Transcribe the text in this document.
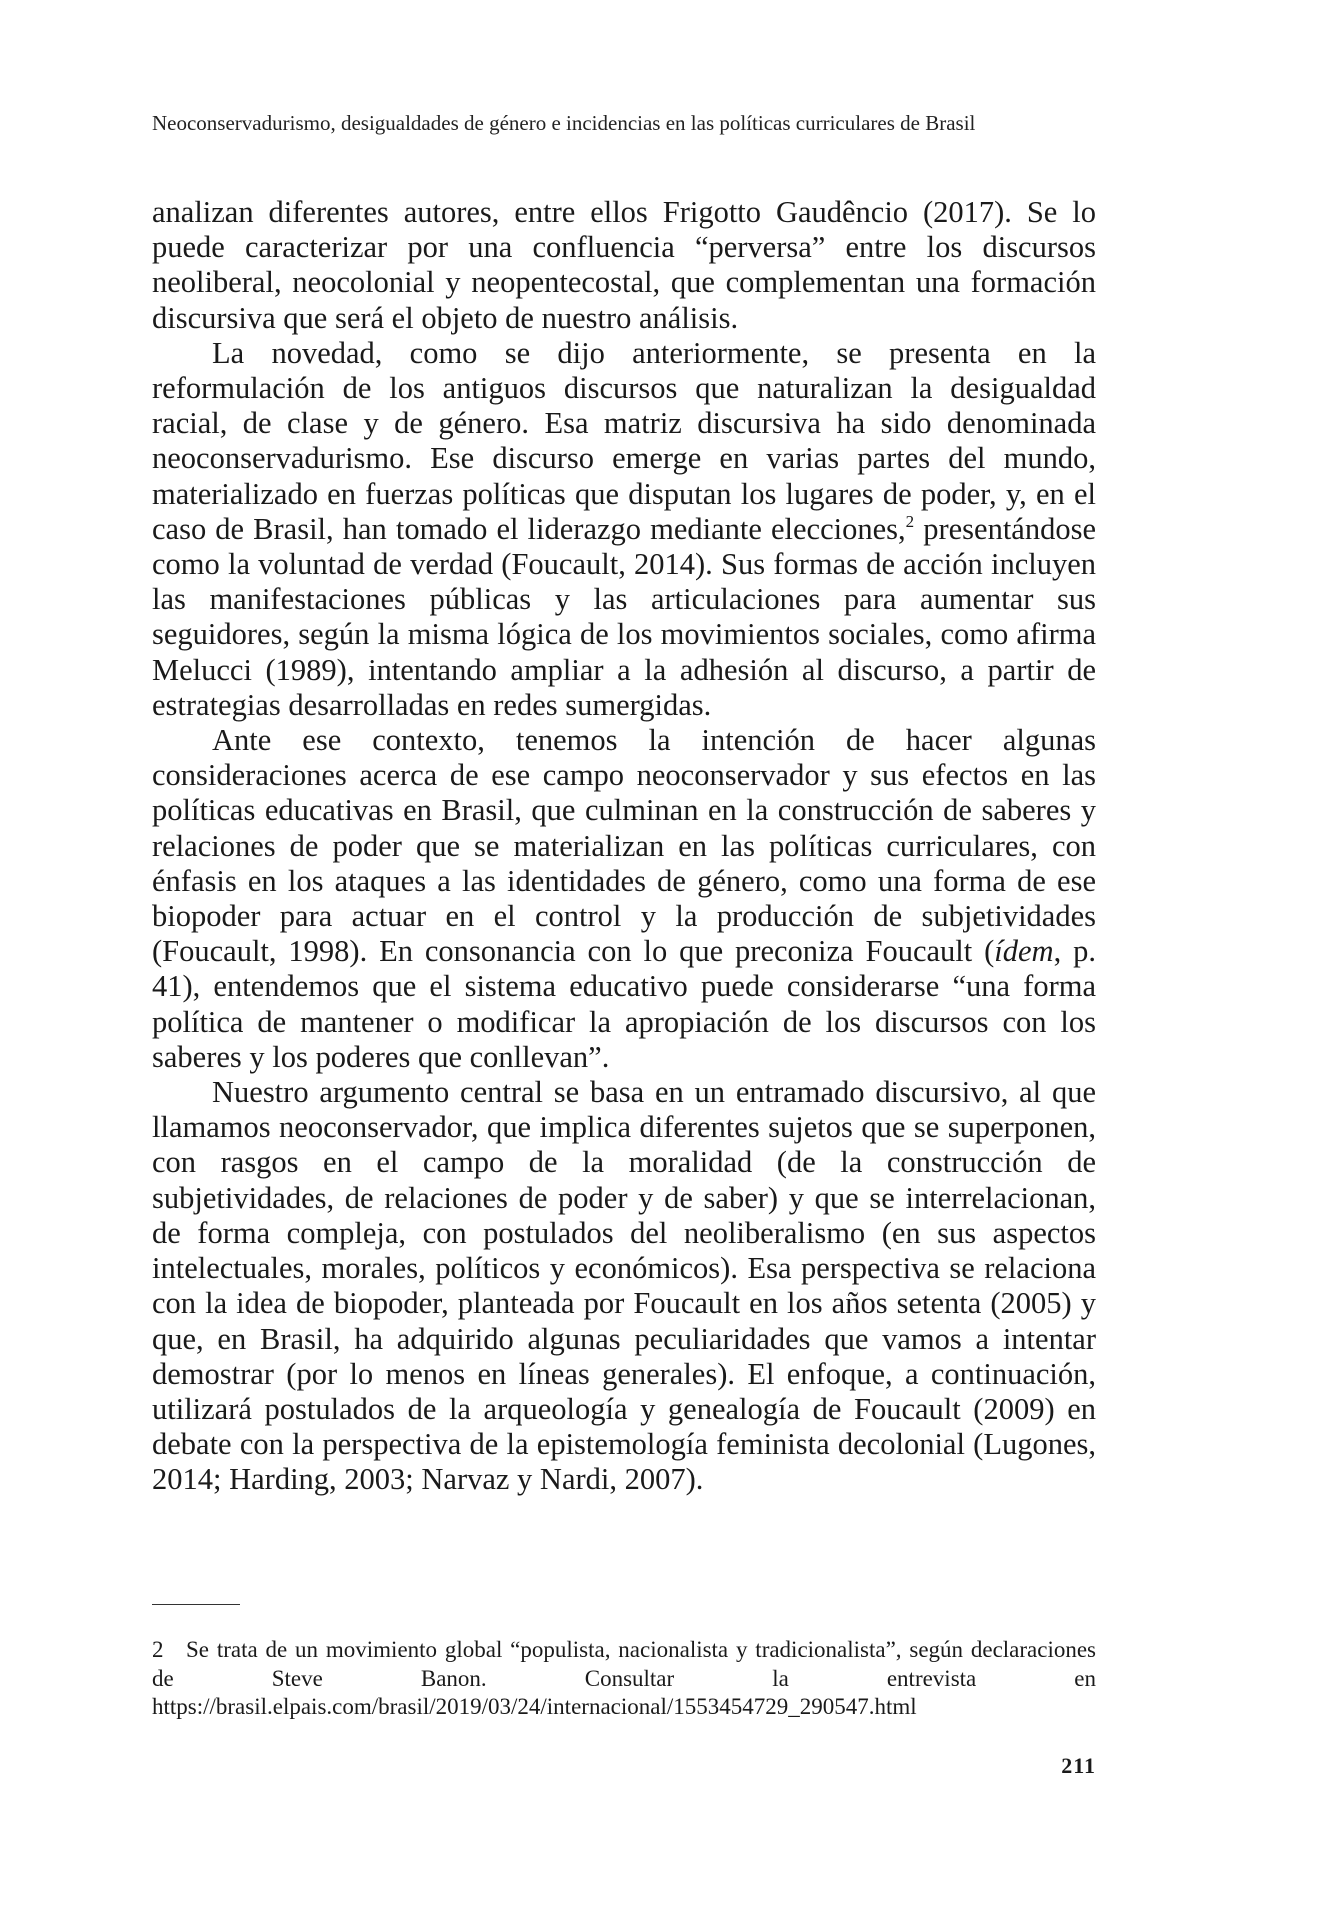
Neoconservadurismo, desigualdades de género e incidencias en las políticas curriculares de Brasil

analizan diferentes autores, entre ellos Frigotto Gaudêncio (2017). Se lo puede caracterizar por una confluencia “perversa” entre los discursos neoliberal, neocolonial y neopentecostal, que complementan una formación discursiva que será el objeto de nuestro análisis.

La novedad, como se dijo anteriormente, se presenta en la reformulación de los antiguos discursos que naturalizan la desigualdad racial, de clase y de género. Esa matriz discursiva ha sido denominada neoconservadurismo. Ese discurso emerge en varias partes del mundo, materializado en fuerzas políticas que disputan los lugares de poder, y, en el caso de Brasil, han tomado el liderazgo mediante elecciones,$^2$ presentándose como la voluntad de verdad (Foucault, 2014). Sus formas de acción incluyen las manifestaciones públicas y las articulaciones para aumentar sus seguidores, según la misma lógica de los movimientos sociales, como afirma Melucci (1989), intentando ampliar a la adhesión al discurso, a partir de estrategias desarrolladas en redes sumergidas.

Ante ese contexto, tenemos la intención de hacer algunas consideraciones acerca de ese campo neoconservador y sus efectos en las políticas educativas en Brasil, que culminan en la construcción de saberes y relaciones de poder que se materializan en las políticas curriculares, con énfasis en los ataques a las identidades de género, como una forma de ese biopoder para actuar en el control y la producción de subjetividades (Foucault, 1998). En consonancia con lo que preconiza Foucault (ídem, p. 41), entendemos que el sistema educativo puede considerarse “una forma política de mantener o modificar la apropiación de los discursos con los saberes y los poderes que conllevan”.

Nuestro argumento central se basa en un entramado discursivo, al que llamamos neoconservador, que implica diferentes sujetos que se superponen, con rasgos en el campo de la moralidad (de la construcción de subjetividades, de relaciones de poder y de saber) y que se interrelacionan, de forma compleja, con postulados del neoliberalismo (en sus aspectos intelectuales, morales, políticos y económicos). Esa perspectiva se relaciona con la idea de biopoder, planteada por Foucault en los años setenta (2005) y que, en Brasil, ha adquirido algunas peculiaridades que vamos a intentar demostrar (por lo menos en líneas generales). El enfoque, a continuación, utilizará postulados de la arqueología y genealogía de Foucault (2009) en debate con la perspectiva de la epistemología feminista decolonial (Lugones, 2014; Harding, 2003; Narvaz y Nardi, 2007).

2 Se trata de un movimiento global “populista, nacionalista y tradicionalista”, según declaraciones de Steve Banon. Consultar la entrevista en https://brasil.elpais.com/brasil/2019/03/24/internacional/1553454729_290547.html
211
